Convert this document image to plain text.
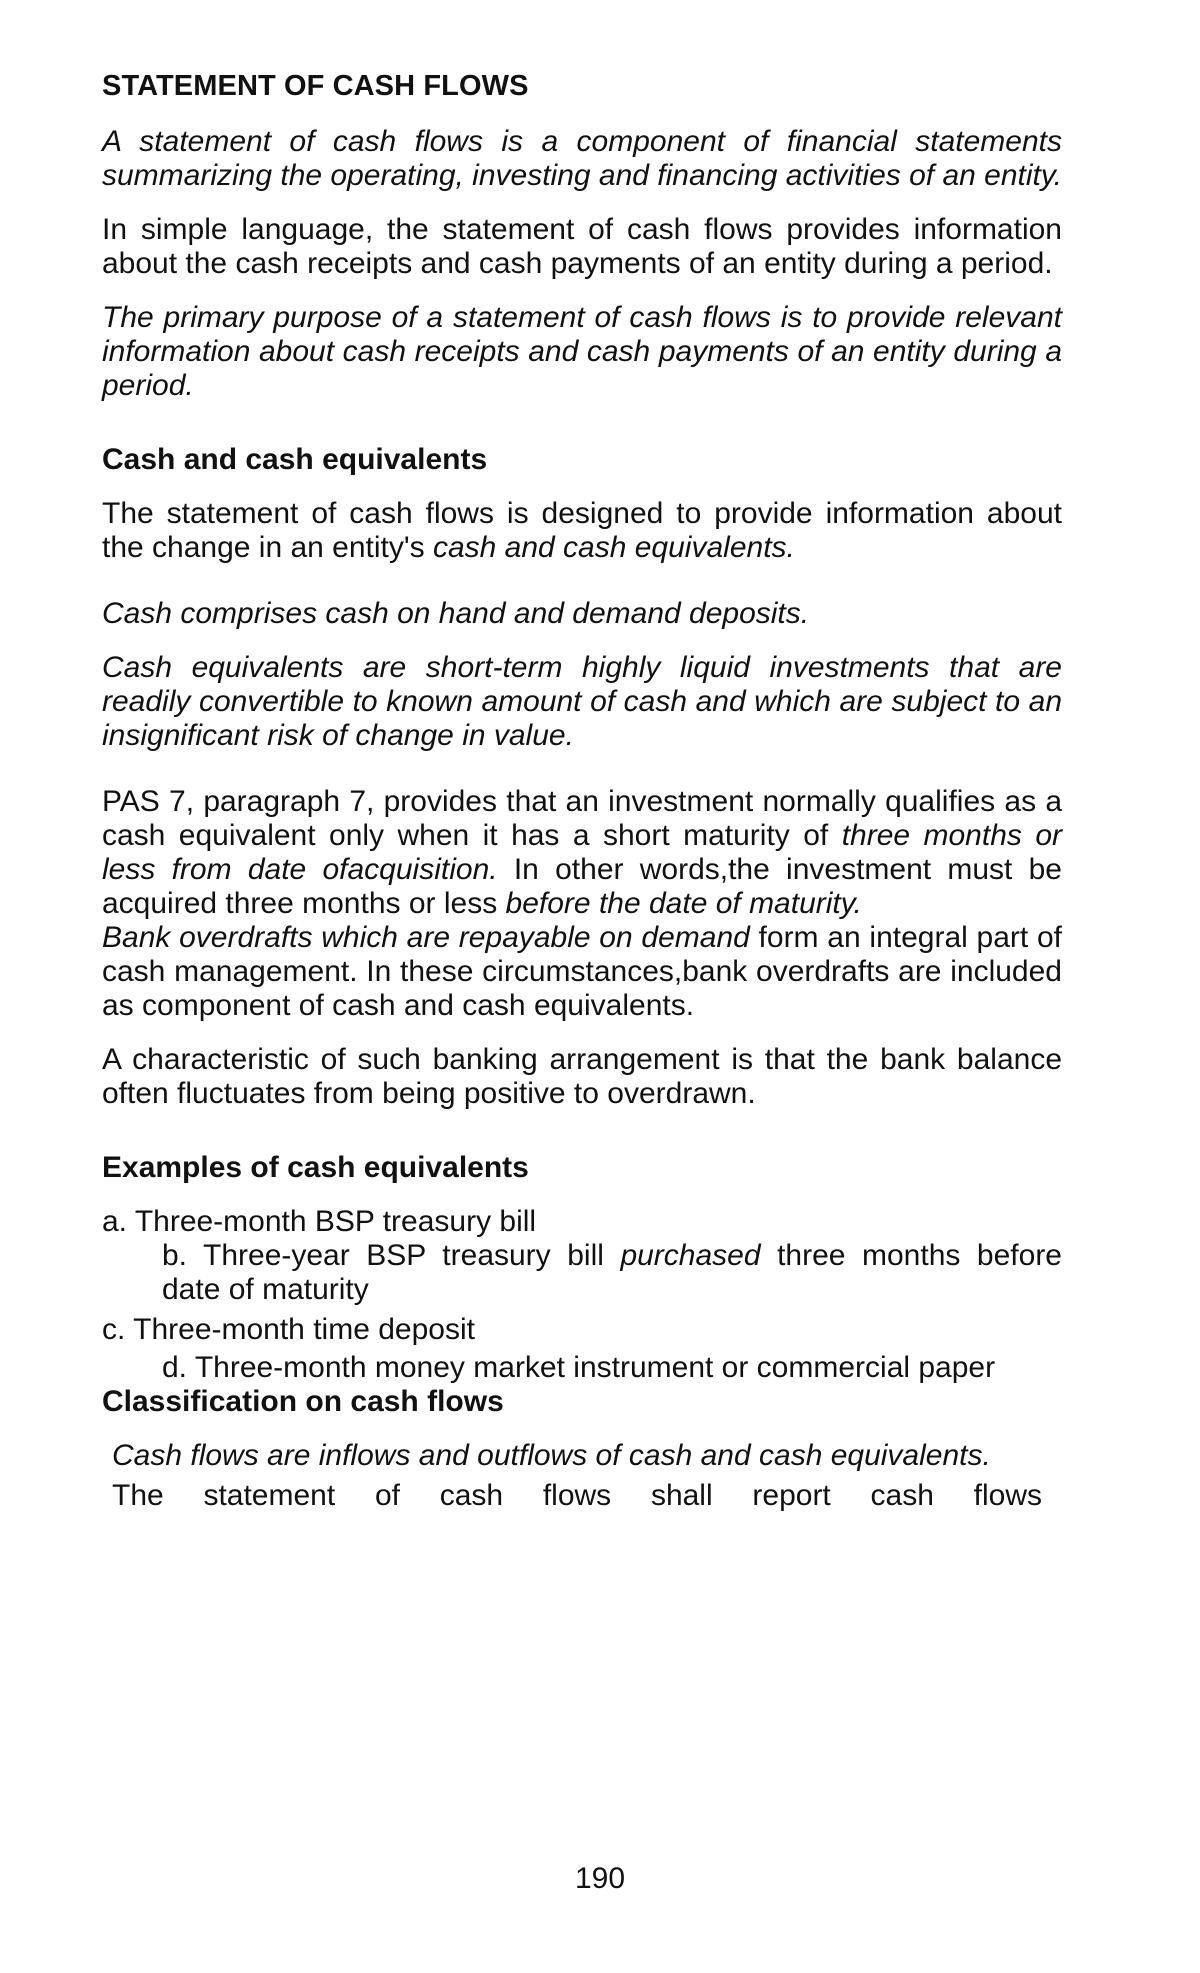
STATEMENT OF CASH FLOWS

A statement of cash flows is a component of financial statements summarizing the operating, investing and financing activities of an entity.

In simple language, the statement of cash flows provides information about the cash receipts and cash payments of an entity during a period.

The primary purpose of a statement of cash flows is to provide relevant information about cash receipts and cash payments of an entity during a period.

Cash and cash equivalents

The statement of cash flows is designed to provide information about the change in an entity's cash and cash equivalents.

Cash comprises cash on hand and demand deposits.

Cash equivalents are short-term highly liquid investments that are readily convertible to known amount of cash and which are subject to an insignificant risk of change in value.

PAS 7, paragraph 7, provides that an investment normally qualifies as a cash equivalent only when it has a short maturity of three months or less from date ofacquisition. In other words,the investment must be acquired three months or less before the date of maturity.

Bank overdrafts which are repayable on demand form an integral part of cash management. In these circumstances,bank overdrafts are included as component of cash and cash equivalents.

A characteristic of such banking arrangement is that the bank balance often fluctuates from being positive to overdrawn.

Examples of cash equivalents
a. Three-month BSP treasury bill
b. Three-year BSP treasury bill purchased three months before date of maturity
c. Three-month time deposit
d. Three-month money market instrument or commercial paper
Classification on cash flows

Cash flows are inflows and outflows of cash and cash equivalents.

The statement of cash flows shall report cash flows

190
